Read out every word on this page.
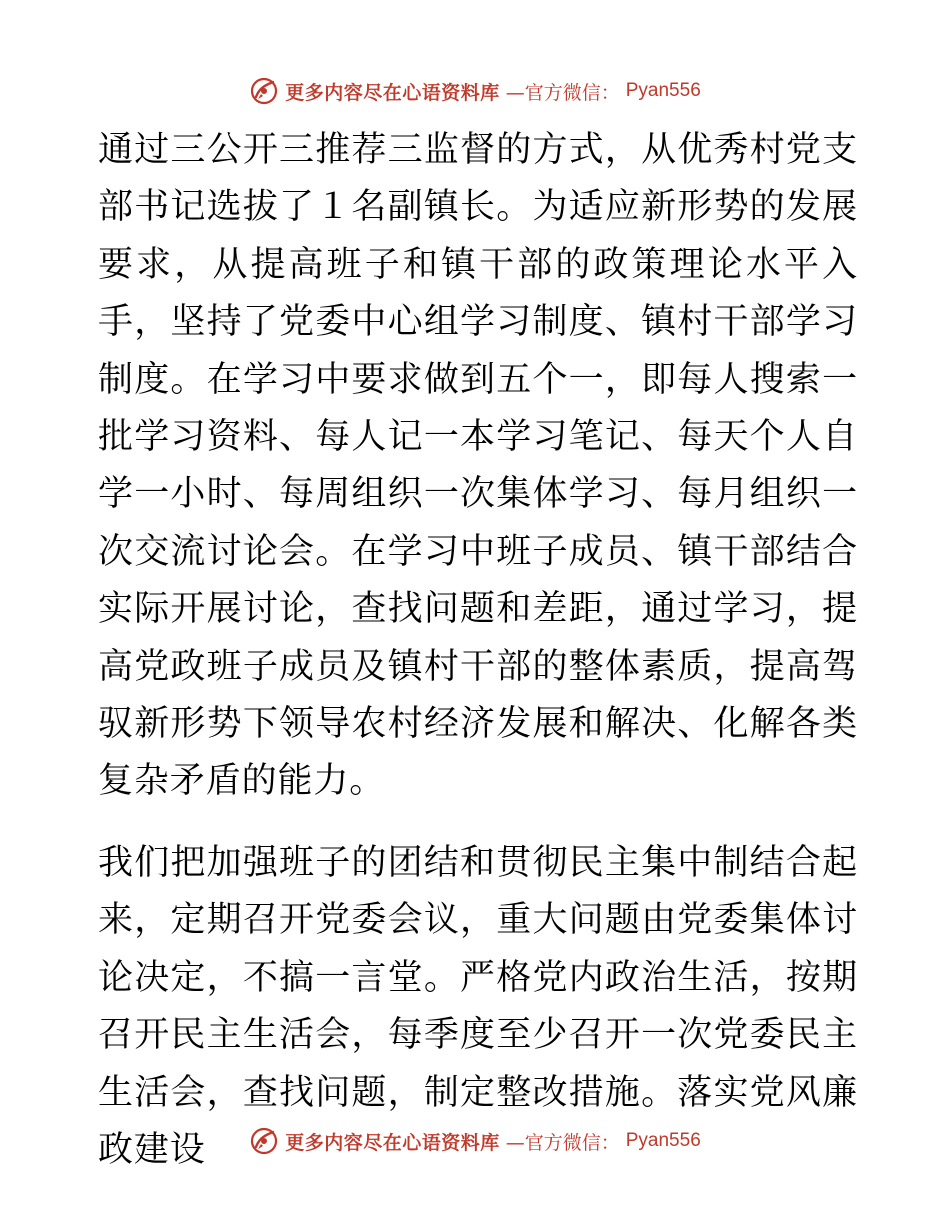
更多内容尽在心语资料库 —官方微信： Pyan556

通过三公开三推荐三监督的方式，从优秀村党支部书记选拔了１名副镇长。为适应新形势的发展要求，从提高班子和镇干部的政策理论水平入手，坚持了党委中心组学习制度、镇村干部学习制度。在学习中要求做到五个一，即每人搜索一批学习资料、每人记一本学习笔记、每天个人自学一小时、每周组织一次集体学习、每月组织一次交流讨论会。在学习中班子成员、镇干部结合实际开展讨论，查找问题和差距，通过学习，提高党政班子成员及镇村干部的整体素质，提高驾驭新形势下领导农村经济发展和解决、化解各类复杂矛盾的能力。

我们把加强班子的团结和贯彻民主集中制结合起来，定期召开党委会议，重大问题由党委集体讨论决定，不搞一言堂。严格党内政治生活，按期召开民主生活会，每季度至少召开一次党委民主生活会，查找问题，制定整改措施。落实党风廉政建设	更多内容尽在心语资料库 —官方微信： Pyan556
